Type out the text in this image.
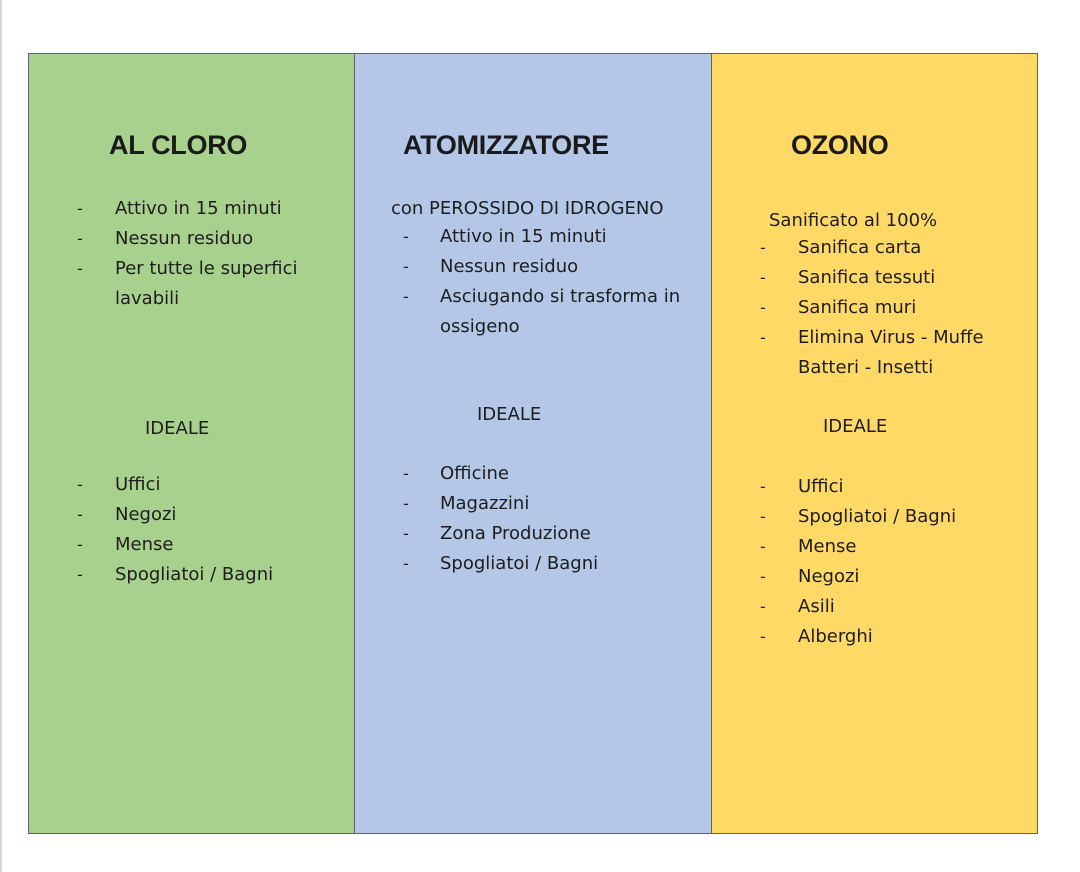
AL CLORO
- Attivo in 15 minuti
- Nessun residuo
- Per tutte le superfici
lavabili
IDEALE
- Uffici
- Negozi
- Mense
- Spogliatoi / Bagni
ATOMIZZATORE
con PEROSSIDO DI IDROGENO
- Attivo in 15 minuti
- Nessun residuo
- Asciugando si trasforma in
ossigeno
IDEALE
- Officine
- Magazzini
- Zona Produzione
- Spogliatoi / Bagni
OZONO
Sanificato al 100%
- Sanifica carta
- Sanifica tessuti
- Sanifica muri
- Elimina Virus - Muffe
Batteri - Insetti
IDEALE
- Uffici
- Spogliatoi / Bagni
- Mense
- Negozi
- Asili
- Alberghi
